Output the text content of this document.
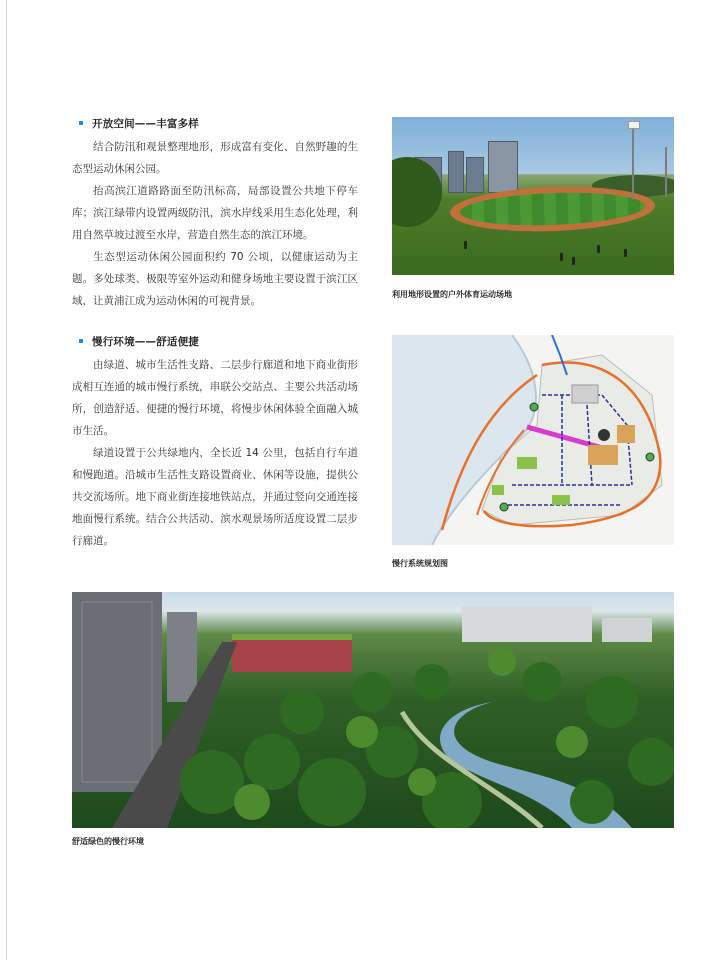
开放空间——丰富多样

结合防汛和观景整理地形，形成富有变化、自然野趣的生态型运动休闲公园。

抬高滨江道路路面至防汛标高，局部设置公共地下停车库；滨江绿带内设置两级防汛，滨水岸线采用生态化处理，利用自然草坡过渡至水岸，营造自然生态的滨江环境。

生态型运动休闲公园面积约 70 公顷，以健康运动为主题。多处球类、极限等室外运动和健身场地主要设置于滨江区域，让黄浦江成为运动休闲的可视背景。

慢行环境——舒适便捷

由绿道、城市生活性支路、二层步行廊道和地下商业街形成相互连通的城市慢行系统，串联公交站点、主要公共活动场所，创造舒适、便捷的慢行环境，将慢步休闲体验全面融入城市生活。

绿道设置于公共绿地内，全长近 14 公里，包括自行车道和慢跑道。沿城市生活性支路设置商业、休闲等设施，提供公共交流场所。地下商业街连接地铁站点，并通过竖向交通连接地面慢行系统。结合公共活动、滨水观景场所适度设置二层步行廊道。

利用地形设置的户外体育运动场地
慢行系统规划图
舒适绿色的慢行环境
